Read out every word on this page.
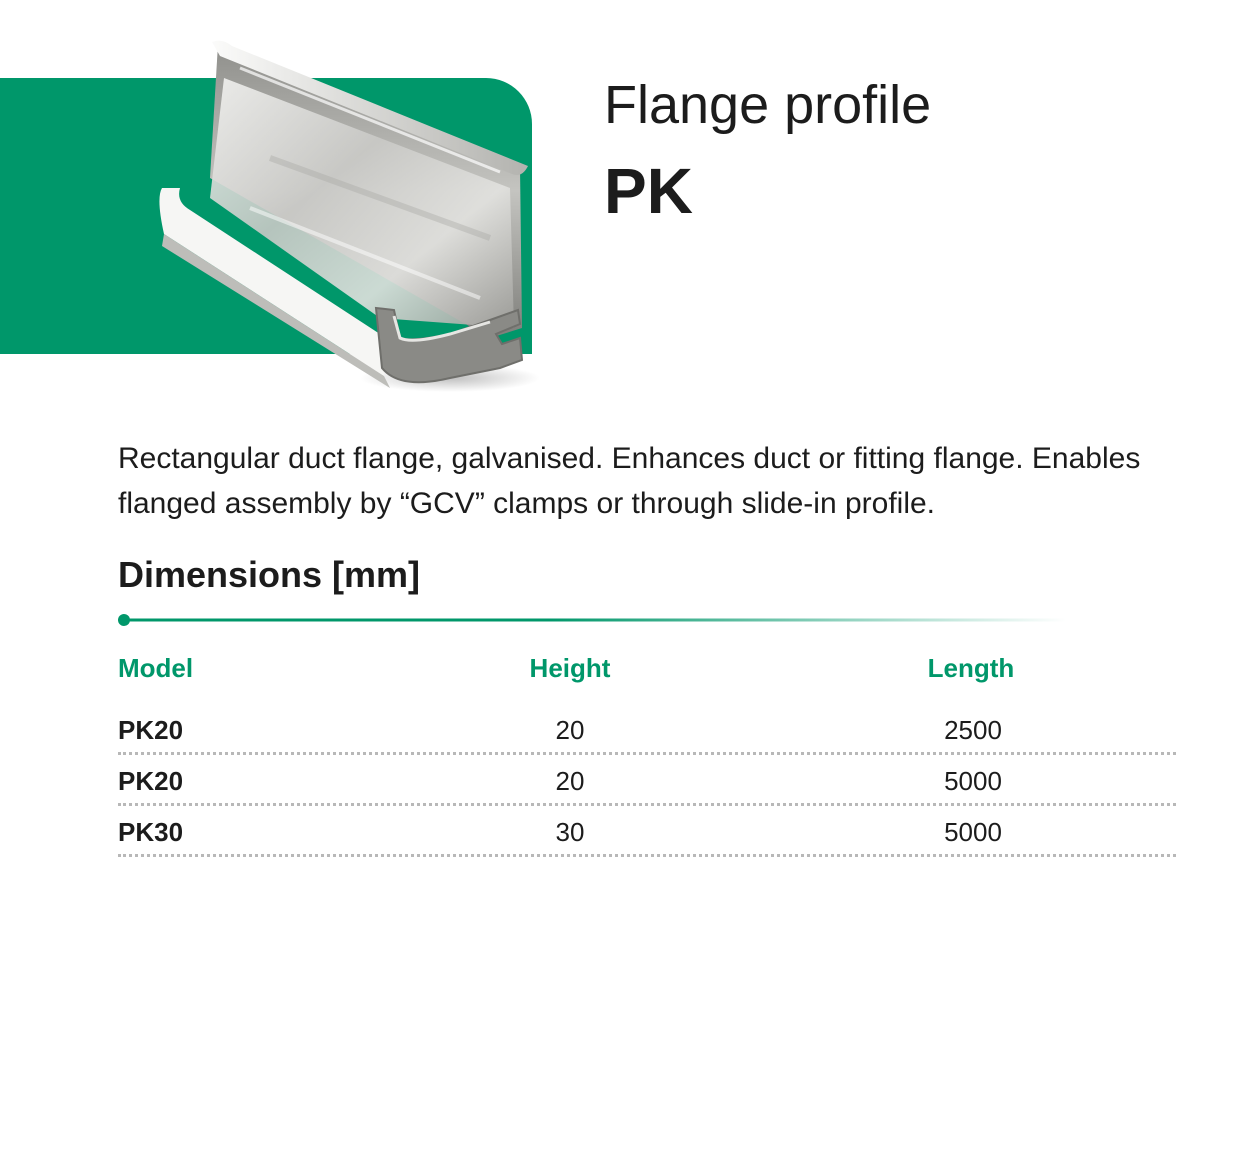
Flange profile
PK

Rectangular duct flange, galvanised. Enhances duct or fitting flange. Enables flanged assembly by “GCV” clamps or through slide-in profile.

Dimensions [mm]
Model	Height	Length
PK20	20	2500
PK20	20	5000
PK30	30	5000
